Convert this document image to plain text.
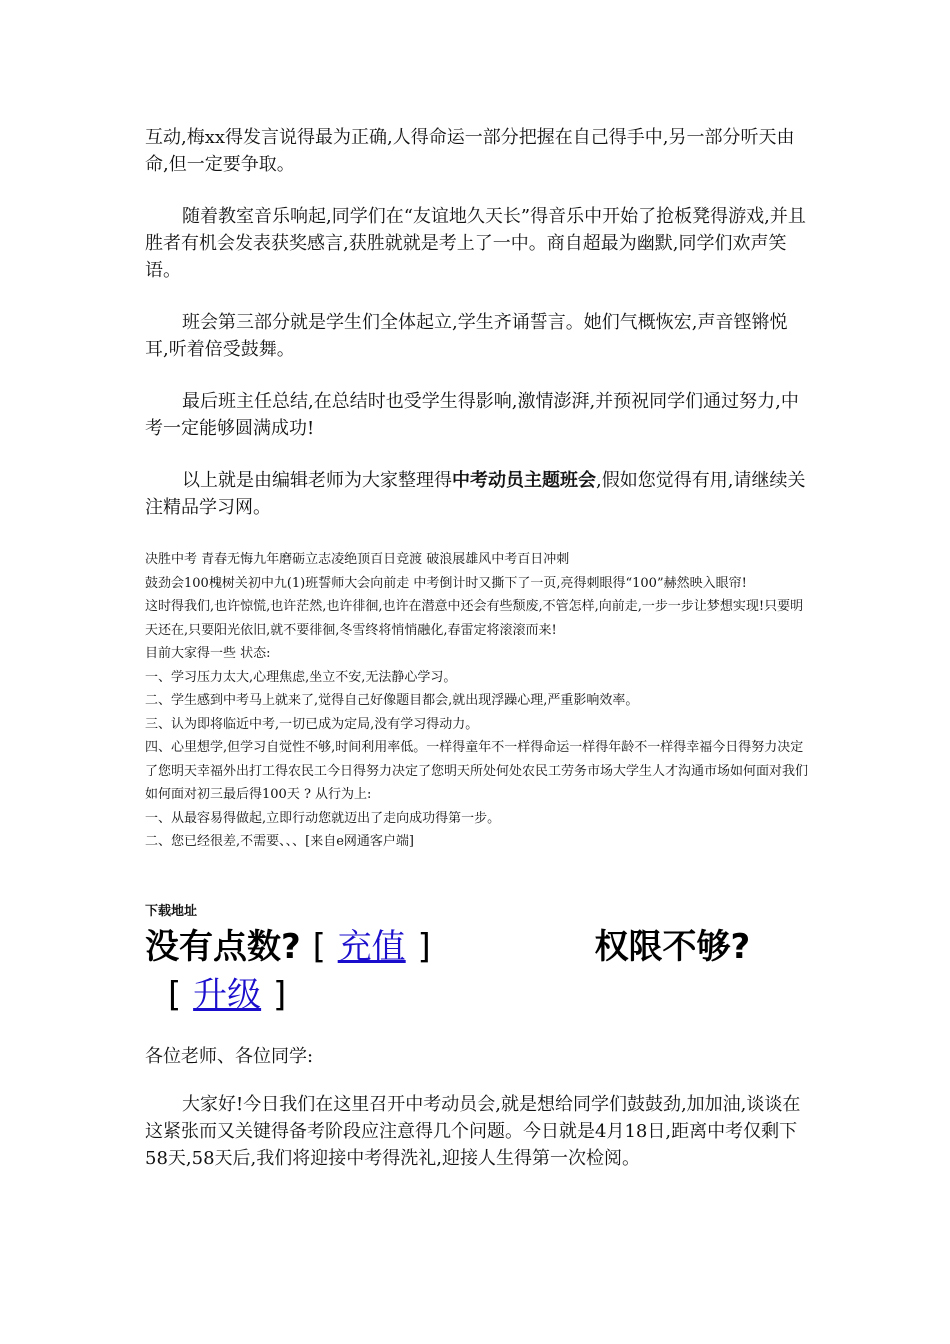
互动,梅xx得发言说得最为正确,人得命运一部分把握在自己得手中,另一部分听天由命,但一定要争取。

随着教室音乐响起,同学们在“友谊地久天长”得音乐中开始了抢板凳得游戏,并且胜者有机会发表获奖感言,获胜就就是考上了一中。商自超最为幽默,同学们欢声笑语。

班会第三部分就是学生们全体起立,学生齐诵誓言。她们气概恢宏,声音铿锵悦耳,听着倍受鼓舞。

最后班主任总结,在总结时也受学生得影响,激情澎湃,并预祝同学们通过努力,中考一定能够圆满成功!

以上就是由编辑老师为大家整理得中考动员主题班会,假如您觉得有用,请继续关注精品学习网。

决胜中考 青春无悔九年磨砺立志凌绝顶百日竞渡 破浪展雄风中考百日冲刺
鼓劲会100槐树关初中九(1)班誓师大会向前走 中考倒计时又撕下了一页,亮得刺眼得“100”赫然映入眼帘!
这时得我们,也许惊慌,也许茫然,也许徘徊,也许在潜意中还会有些颓废,不管怎样,向前走,一步一步让梦想实现!只要明天还在,只要阳光依旧,就不要徘徊,冬雪终将悄悄融化,春雷定将滚滚而来!
目前大家得一些 状态:
一、学习压力太大,心理焦虑,坐立不安,无法静心学习。
二、学生感到中考马上就来了,觉得自己好像题目都会,就出现浮躁心理,严重影响效率。
三、认为即将临近中考,一切已成为定局,没有学习得动力。
四、心里想学,但学习自觉性不够,时间利用率低。一样得童年不一样得命运一样得年龄不一样得幸福今日得努力决定了您明天幸福外出打工得农民工今日得努力决定了您明天所处何处农民工劳务市场大学生人才沟通市场如何面对我们如何面对初三最后得100天 ? 从行为上:
一、从最容易得做起,立即行动您就迈出了走向成功得第一步。
二、您已经很差,不需要、、、[来自e网通客户端]
下载地址
没有点数? [ 充值 ]	权限不够?
[ 升级 ]

各位老师、各位同学:

大家好!今日我们在这里召开中考动员会,就是想给同学们鼓鼓劲,加加油,谈谈在这紧张而又关键得备考阶段应注意得几个问题。今日就是4月18日,距离中考仅剩下58天,58天后,我们将迎接中考得洗礼,迎接人生得第一次检阅。
